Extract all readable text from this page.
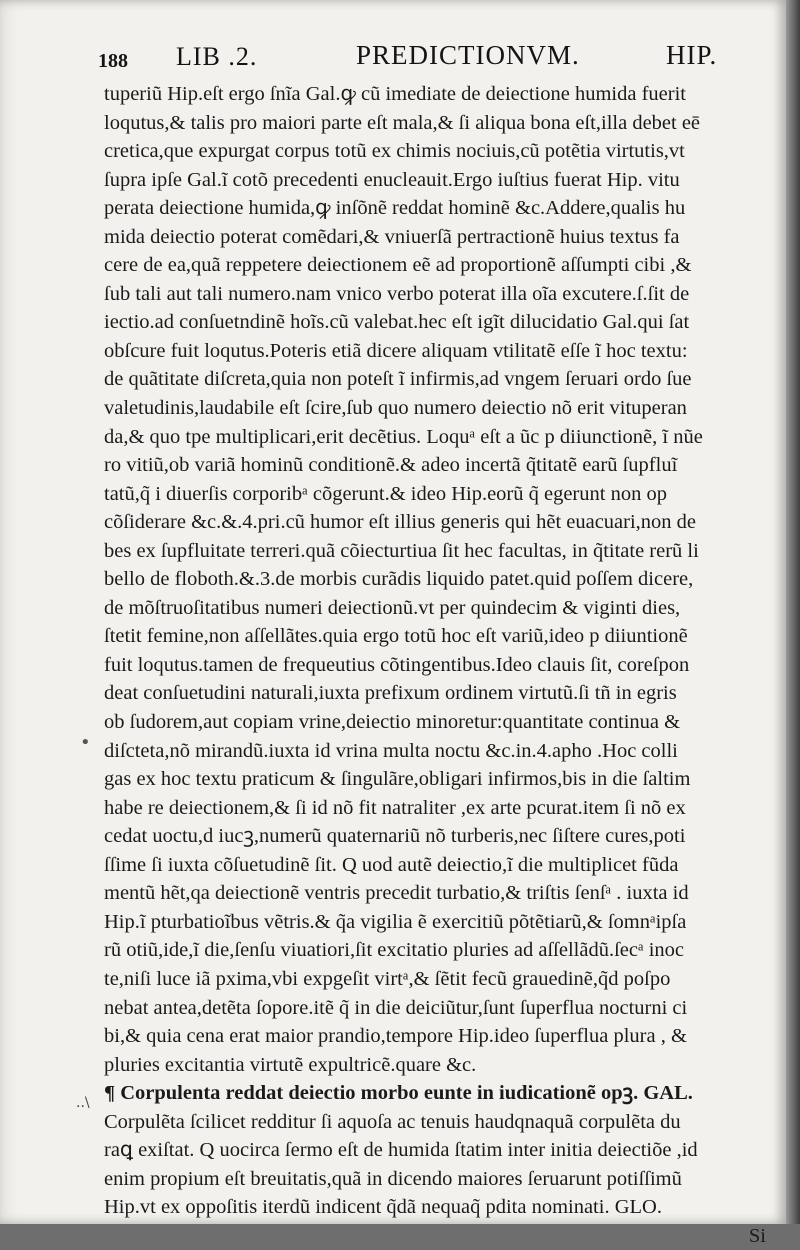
188 LIB .2.	PREDICTIONVM.	HIP.
tuperiũ Hip.eſt ergo ſnĩa Gal.ꝙ cũ imediate de deiectione humida fuerit
loqutus,& talis pro maiori parte eſt mala,& ſi aliqua bona eſt,illa debet eē
cretica,que expurgat corpus totũ ex chimis nociuis,cũ potẽtia virtutis,vt
ſupra ipſe Gal.ĩ cotõ precedenti enucleauit.Ergo iuſtius fuerat Hip. vitu
perata deiectione humida,ꝙ inſõnẽ reddat hominẽ &c.Addere,qualis hu
mida deiectio poterat comẽdari,& vniuerſã pertractionẽ huius textus fa
cere de ea,quã reppetere deiectionem eẽ ad proportionẽ aſſumpti cibi ,&
ſub tali aut tali numero.nam vnico verbo poterat illa oĩa excutere.ſ.ſit de
iectio.ad conſuetndinẽ hoĩs.cũ valebat.hec eſt igĩt dilucidatio Gal.qui ſat
obſcure fuit loqutus.Poteris etiã dicere aliquam vtilitatẽ eſſe ĩ hoc textu:
de quãtitate diſcreta,quia non poteſt ĩ infirmis,ad vngem ſeruari ordo ſue
valetudinis,laudabile eſt ſcire,ſub quo numero deiectio nõ erit vituperan
da,& quo tpe multiplicari,erit decẽtius. Loquᵃ eſt a ũc p diiunctionẽ, ĩ nũe
ro vitiũ,ob variã hominũ conditionẽ.& adeo incertã q̃titatẽ earũ ſupfluĩ
tatũ,q̃ i diuerſis corporibᵃ cõgerunt.& ideo Hip.eorũ q̃ egerunt non op
cõſiderare &c.&.4.pri.cũ humor eſt illius generis qui hẽt euacuari,non de
bes ex ſupfluitate terreri.quã cõiecturtiua ſit hec facultas, in q̃titate rerũ li
bello de floboth.&.3.de morbis curãdis liquido patet.quid poſſem dicere,
de mõſtruoſitatibus numeri deiectionũ.vt per quindecim & viginti dies,
ſtetit femine,non aſſellãtes.quia ergo totũ hoc eſt variũ,ideo p diiuntionẽ
fuit loqutus.tamen de frequeutius cõtingentibus.Ideo clauis ſit, coreſpon
deat conſuetudini naturali,iuxta prefixum ordinem virtutũ.ſi tñ in egris
ob ſudorem,aut copiam vrine,deiectio minoretur:quantitate continua &
diſcteta,nõ mirandũ.iuxta id vrina multa noctu &c.in.4.apho .Hoc colli
gas ex hoc textu praticum & ſingulãre,obligari infirmos,bis in die ſaltim
habe re deiectionem,& ſi id nõ fit natraliter ,ex arte pcurat.item ſi nõ ex
cedat uoctu,d iucꝫ,numerũ quaternariũ nõ turberis,nec ſiſtere cures,poti
ſſime ſi iuxta cõſuetudinẽ ſit. Q uod autẽ deiectio,ĩ die multiplicet fũda
mentũ hẽt,qa deiectionẽ ventris precedit turbatio,& triſtis ſenſᵃ . iuxta id
Hip.ĩ pturbatioĩbus vẽtris.& q̃a vigilia ẽ exercitiũ põtẽtiarũ,& ſomnᵃipſa
rũ otiũ,ide,ĩ die,ſenſu viuatiori,ſit excitatio pluries ad aſſellãdũ.ſecᵃ inoc
te,niſi luce iã pxima,vbi expgeſit virtᵃ,& ſẽtit fecũ grauedinẽ,q̃d poſpo
nebat antea,detẽta ſopore.itẽ q̃ in die deiciũtur,ſunt ſuperflua nocturni ci
bi,& quia cena erat maior prandio,tempore Hip.ideo ſuperflua plura , &
pluries excitantia virtutẽ expultricẽ.quare &c.
¶ Corpulenta reddat deiectio morbo eunte in iudicationẽ opꝫ. GAL.
Corpulẽta ſcilicet redditur ſi aquoſa ac tenuis haudqnaquã corpulẽta du
raꝗ exiſtat. Q uocirca ſermo eſt de humida ſtatim inter initia deiectiõe ,id
enim propium eſt breuitatis,quã in dicendo maiores ſeruarunt potiſſimũ
Hip.vt ex oppoſitis iterdũ indicent q̃dã nequaq̃ pdita nominati. GLO.
Si
•
..\
